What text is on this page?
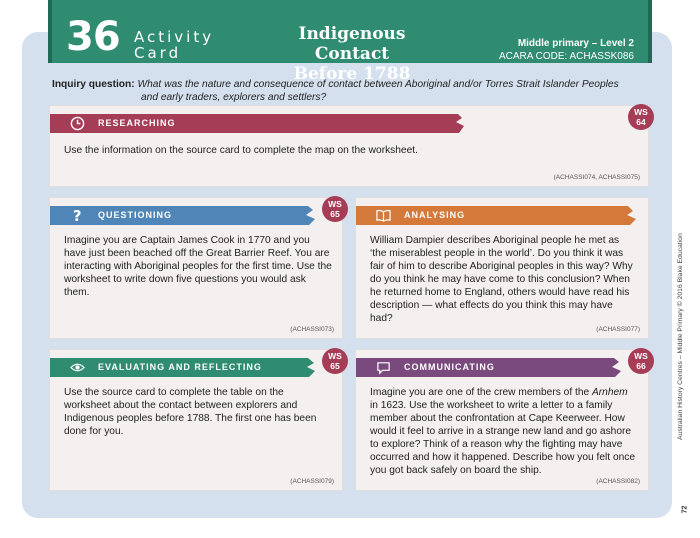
36 Activity
Card
Indigenous Contact
Before 1788
Middle primary – Level 2
ACARA CODE: ACHASSK086
Inquiry question: What was the nature and consequence of contact between Aboriginal and/or Torres Strait Islander Peoples
and early traders, explorers and settlers?
RESEARCHING
WS
64
Use the information on the source card to complete the map on the worksheet.
(ACHASSI074, ACHASSI075)
? QUESTIONING
WS
65
Imagine you are Captain James Cook in 1770 and you have just been beached off the Great Barrier Reef. You are interacting with Aboriginal peoples for the first time. Use the worksheet to write down five questions you would ask them.
(ACHASSI073)
ANALYSING
William Dampier describes Aboriginal people he met as ‘the miserablest people in the world’. Do you think it was fair of him to describe Aboriginal peoples in this way? Why do you think he may have come to this conclusion? When he returned home to England, others would have read his description — what effects do you think this may have had?
(ACHASSI077)
EVALUATING AND REFLECTING
WS
65
Use the source card to complete the table on the worksheet about the contact between explorers and Indigenous peoples before 1788. The first one has been done for you.
(ACHASSI079)
COMMUNICATING
WS
66
Imagine you are one of the crew members of the Arnhem in 1623. Use the worksheet to write a letter to a family member about the confrontation at Cape Keerweer. How would it feel to arrive in a strange new land and go ashore to explore? Think of a reason why the fighting may have occurred and how it happened. Describe how you felt once you got back safely on board the ship.
(ACHASSI082)
Australian History Centres – Middle Primary © 2016 Blake Education
72
